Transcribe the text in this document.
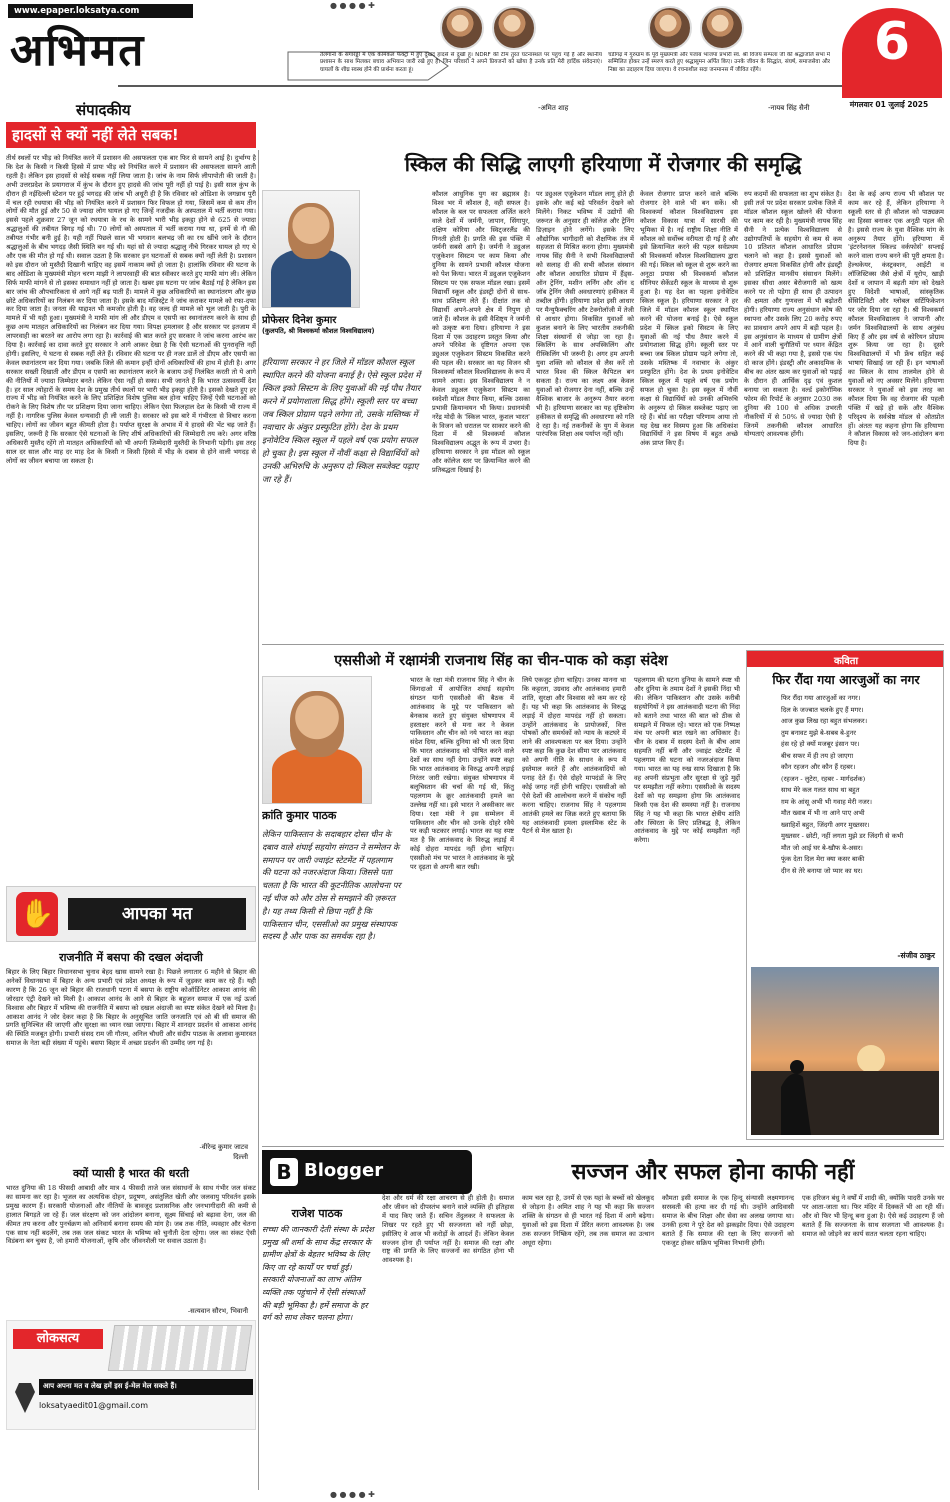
www.epaper.loksatya.com
अभिमत	तेलंगाना के संगारेड्डी में एक केमिकल फैक्ट्री में हुए दुखद हादसे से दुखी हूं। NDRF की टीम तुरंत घटनास्थल पर पहुंच गई है और स्थानीय प्रशासन के साथ मिलकर बचाव अभियान जारी रखे हुए है। जिन परिवारों ने अपने प्रियजनों को खोया है उनके प्रति मेरी हार्दिक संवेदनाएं। घायलों के शीघ्र स्वस्थ होने की प्रार्थना करता हूं।
-अमित शाह
चंडीगढ़ में गुरुग्राम के पूर्व मुख्यमंत्री और पंजाब भाजपा प्रभारी स्व. श्री विजय सम्पला जी की श्रद्धांजलि सभा में सम्मिलित होकर उन्हें स्मरण करते हुए श्रद्धासुमन अर्पित किए। उनके जीवन के सिद्धांत, संघर्ष, समाजसेवा और निष्ठा का उदाहरण दिया जाएगा। वे रचनाशील सदा जनमानस में जीवित रहेंगे।
-नायब सिंह सैनी
6
मंगलवार 01 जुलाई 2025
संपादकीय
हादसों से क्यों नहीं लेते सबक!
तीर्थ स्थलों पर भीड़ को नियंत्रित करने में प्रशासन की असफलता एक बार फिर से सामने आई है। दुर्भाग्य है कि देश के किसी न किसी हिस्से में प्रायः भीड़ को नियंत्रित करने में प्रशासन की असफलता सामने आती रहती है। लेकिन इस हादसों से कोई सबक नहीं लिया जाता है। जांच के नाम सिर्फ लीपापोती की जाती है। अभी उत्तरप्रदेश के प्रयागराज में कुंभ के दौरान हुए हादसे की जांच पूरी नहीं हो पाई है। इसी साल कुंभ के दौरान ही नईदिल्ली स्टेशन पर हुई भगदड़ की जांच भी अधूरी ही है कि रविवार को ओडिशा के जगन्नाथ पुरी में चल रही रथयात्रा की भीड़ को नियंत्रित करने में प्रशासन फिर विफल हो गया, जिसमें कम से कम तीन लोगों की मौत हुई और 50 से ज्यादा लोग घायल हो गए जिन्हें नजदीक के अस्पताल में भर्ती कराया गया। इससे पहले शुक्रवार 27 जून को रथयात्रा के रथ के सामने भारी भीड़ इकट्ठा होने से 625 से ज्यादा श्रद्धालुओं की तबीयत बिगड़ गई थी। 70 लोगों को अस्पताल में भर्ती कराया गया था, इनमें से नौ की तबीयत गंभीर बनी हुई है। यही नहीं पिछले साल भी भगवान बलभद्र जी का रथ खींचे जाने के दौरान श्रद्धालुओं के बीच भगदड़ जैसी स्थिति बन गई थी। यहां सो से ज्यादा श्रद्धालु नीचे गिरकर घायल हो गए थे और एक की मौत हो गई थी। सवाल उठता है कि सरकार इन घटनाओं से सबक क्यों नहीं लेती है। प्रशासन को इस दौरान जो मुस्तैदी दिखानी चाहिए वह इसमें नाकाम क्यों हो जाता है। हालांकि रविवार की घटना के बाद ओडिशा के मुख्यमंत्री मोहन चरण माझी ने लापरवाही की बात स्वीकार करते हुए माफी मांग ली। लेकिन सिर्फ माफी मांगने से तो इसका समाधान नहीं हो जाता है। खबर इस घटना पर जांच बैठाई गई है लेकिन इस बार जांच की औपचारिकता से आगे नहीं बढ़ पाती हैं। मामले में कुछ अधिकारियों का स्थानांतरण और कुछ छोटे अधिकारियों का निलंबन कर दिया जाता है। इसके बाद मजिस्ट्रेट ने जांच कराकर मामले को रफा-दफा कर दिया जाता है। जनता की याद्दाश्त भी कमजोर होती है। वह जल्द ही मामले को भूल जाती है। पुरी के मामले में भी यही हुआ। मुख्यमंत्री ने माफी मांग ली और डीएम व एसपी का स्थानांतरण करने के साथ ही कुछ अन्य मातहत अधिकारियों का निलंबन कर दिया गया। विपक्ष हमलावर है और सरकार पर इतजाम में लापरवाही का बरतने का आरोप लगा रहा है। कार्रवाई की बात करते हुए सरकार ने जांच करना आरंभ कर दिया है। कार्रवाई का दावा करते हुए सरकार ने आगे आकर देखा है कि ऐसी घटनाओं की पुनरावृत्ति नहीं होगी। इसलिए, ये घटना से सबक नहीं लेते हैं। रविवार की घटना पर ही नजर डालें तो डीएम और एसपी का केवल स्थानांतरण कर दिया गया। जबकि जिले की कमान इन्हीं दोनों अधिकारियों की हाथ में होती है। अगर सरकार सख्ती दिखाती और डीएम व एसपी का स्थानांतरण करने के बजाय उन्हें निलंबित करती तो ये आगे की नीतियों में ज्यादा जिम्मेदार बनते। लेकिन ऐसा नहीं हो सका। सभी जानते हैं कि भारत उत्सवधर्मी देश है। हर साल त्योहारों के समय देश के प्रमुख तीर्थ स्थलों पर भारी भीड़ इकट्ठा होती है। इसको देखते हुए हर राज्य में भीड़ को नियंत्रित करने के लिए प्रशिक्षित विशेष पुलिस बल होना चाहिए जिन्हें ऐसी घटनाओं को रोकने के लिए विशेष तौर पर प्रशिक्षण दिया जाना चाहिए। लेकिन ऐसा फिलहाल देश के किसी भी राज्य में नहीं है। नागरिक पुलिस केवल धन्यवादी ही ली जाती है। सरकार को इस बारे में गंभीरता से विचार करना चाहिए। लोगों का जीवन बहुत कीमती होता है। पर्याप्त सुरक्षा के अभाव में ये हादसे की भेंट चढ़ जाते हैं। इसलिए, जरूरी है कि सरकार ऐसे घटनाओं के लिए शीर्ष अधिकारियों की जिम्मेदारी तय करे। अगर वरिष्ठ अधिकारी मुस्तैद रहेंगे तो मातहत अधिकारियों को भी अपनी जिम्मेदारी मुस्तैदी के निभानी पड़ेगी। इस तरह साल दर साल और माह दर माह देश के किसी न किसी हिस्से में भीड़ के दबाव से होने वाली भगदड़ से लोगों का जीवन बचाया जा सकता है।
स्किल की सिद्धि लाएगी हरियाणा में रोजगार की समृद्धि
प्रोफेसर दिनेश कुमार
(कुलपति, श्री विश्वकर्मा कौशल विश्वविद्यालय)
हरियाणा सरकार ने हर जिले में मॉडल कौशल स्कूल स्थापित करने की योजना बनाई है। ऐसे स्कूल प्रदेश में स्किल इको सिस्टम के लिए युवाओं की नई पौध तैयार करने में प्रयोगशाला सिद्ध होंगे। स्कूली स्तर पर बच्चा जब स्किल प्रोग्राम पढ़ने लगेगा तो, उसके मस्तिष्क में नवाचार के अंकुर प्रस्फुटित होंगे। देश के प्रथम इनोवेटिव स्किल स्कूल में पहले वर्ष एक प्रयोग सफल हो चुका है। इस स्कूल में नौवीं कक्षा से विद्यार्थियों को उनकी अभिरुचि के अनुरूप दो स्किल सब्जेक्ट पढ़ाए जा रहे हैं।
कौशल आधुनिक युग का ब्रह्मास्त्र है। विश्व भर में कौशल है, वही सफल है। कौशल के बल पर सफलता अर्जित करने वाले देशों में जर्मनी, जापान, सिंगापुर, दक्षिण कोरिया और स्विट्जरलैंड की गिनती होती है। प्रगति की इस पंक्ति में जर्मनी सबसे आगे है। जर्मनी ने ड्युअल एजुकेशन सिस्टम पर काम किया और दुनिया के सामने प्रभावी कौशल योजना को पेश किया। भारत में ड्युअल एजुकेशन सिस्टम पर एक सफल मॉडल रखा। इसमें विद्यार्थी स्कूल और इंडस्ट्री दोनों से साथ-साथ प्रशिक्षण लेते हैं। दीक्षांत तक वो विद्यार्थी अपने-अपने क्षेत्र में निपुण हो जाते हैं। कौशल के इसी वैशिष्ट्य ने जर्मनी को उत्कृष्ट बना दिया। हरियाणा ने इस दिशा में एक उदाहरण प्रस्तुत किया और अपने परिवेश के दृष्टिगत अपना एक ड्युअल एजुकेशन सिस्टम विकसित करने की पहल की। सरकार का यह विजन श्री विश्वकर्मा कौशल विश्वविद्यालय के रूप में सामने आया। इस विश्वविद्यालय ने न केवल ड्युअल एजुकेशन सिस्टम का स्वदेशी मॉडल तैयार किया, बल्कि उसका प्रभावी क्रियान्वयन भी किया। प्रधानमंत्री नरेंद्र मोदी के 'स्किल भारत, कुशल भारत' के विजन को धरातल पर साकार करने की दिशा में श्री विश्वकर्मा कौशल विश्वविद्यालय अद्भुत के रूप में उभरा है। हरियाणा सरकार ने इस मॉडल को स्कूल और कॉलेज स्तर पर क्रियान्वित करने की प्रतिबद्धता दिखाई है।
पर ड्युअल एजुकेशन मॉडल लागू होते ही इसके और कई बड़े परिवर्तन देखने को मिलेंगे। निकट भविष्य में उद्योगों की जरूरत के अनुसार ही कॉलेज और ट्रेनिंग डिज़ाइन होने लगेंगे। इसके लिए औद्योगिक भागीदारी को शैक्षणिक तंत्र में सहजता से मिश्रित करना होगा। मुख्यमंत्री नायब सिंह सैनी ने सभी विश्वविद्यालयों को सलाह दी की सभी कौशल संस्थान और कौशल आधारित प्रोग्राम में हैंड्स-ऑन ट्रेनिंग, मशीन लर्निंग और ऑन द जॉब ट्रेनिंग जैसी अवधारणाएं हकीकत में तब्दील होंगी। हरियाणा प्रदेश इसी आधार पर मैन्युफैक्चरिंग और टेक्नोलॉजी में तेजी से आधार होगा। विकसित युवाओं को कुशल बनाने के लिए भारतीय तकनीकी शिक्षा संस्थानों से जोड़ा जा रहा है। स्किलिंग के साथ अपस्किलिंग और रीस्किलिंग भी जरूरी है। अगर हम अपनी युवा शक्ति को कौशल से लैस करें तो भारत विश्व की स्किल कैपिटल बन सकता है। राज्य का लक्ष्य अब केवल युवाओं को रोजगार देना नहीं, बल्कि उन्हें वैश्विक बाजार के अनुरूप तैयार करना भी है। हरियाणा सरकार का यह दृष्टिकोण हकीकत से समृद्धि की अवधारणा को गति दे रहा है। नई तकनीकों के युग में केवल पारंपरिक शिक्षा अब पर्याप्त नहीं रही।
केवल रोजगार प्राप्त करने वाले बल्कि रोजगार देने वाले भी बन सकें। श्री विश्वकर्मा कौशल विश्वविद्यालय इस कौशल विकास यात्रा में सारथी की भूमिका में है। नई राष्ट्रीय शिक्षा नीति में कौशल को सर्वोच्च वरीयता दी गई है और इसे क्रियान्वित करने की पहल सर्वप्रथम श्री विश्वकर्मा कौशल विश्वविद्यालय द्वारा की गई। स्किल को स्कूल से शुरू करने का अनूठा प्रयास श्री विश्वकर्मा कौशल सीनियर सेकेंडरी स्कूल के माध्यम से शुरू हुआ है। यह देश का पहला इनोवेटिव स्किल स्कूल है। हरियाणा सरकार ने हर जिले में मॉडल कौशल स्कूल स्थापित करने की योजना बनाई है। ऐसे स्कूल प्रदेश में स्किल इको सिस्टम के लिए युवाओं की नई पौध तैयार करने में प्रयोगशाला सिद्ध होंगे। स्कूली स्तर पर बच्चा जब स्किल प्रोग्राम पढ़ने लगेगा तो, उसके मस्तिष्क में नवाचार के अंकुर प्रस्फुटित होंगे। देश के प्रथम इनोवेटिव स्किल स्कूल में पहले वर्ष एक प्रयोग सफल हो चुका है। इस स्कूल में नौवीं कक्षा से विद्यार्थियों को उनकी अभिरुचि के अनुरूप दो स्किल सब्जेक्ट पढ़ाए जा रहे हैं। बोर्ड का परीक्षा परिणाम आया तो यह देख कर विस्मय हुआ कि अधिकांश विद्यार्थियों ने इस विषय में बहुत अच्छे अंक प्राप्त किए हैं।
रुप कदमों की सफलता का शुभ संकेत है। इसी तर्ज पर प्रदेश सरकार प्रत्येक जिले में मॉडल कौशल स्कूल खोलने की योजना पर काम कर रही है। मुख्यमंत्री नायब सिंह सैनी ने प्रत्येक विश्वविद्यालय से उद्योगपतियों के सहयोग से कम से कम 10 प्रतिशत कौशल आधारित प्रोग्राम चलाने को कहा है। इससे युवाओं को रोजगार क्षमता विकसित होगी और इंडस्ट्री को प्रशिक्षित मानवीय संसाधन मिलेंगे। इसका सीधा असर बेरोजगारी को खत्म करने पर तो पड़ेगा ही साथ ही उत्पादन की क्षमता और गुणवत्ता में भी बढ़ोतरी होगी। हरियाणा राज्य अनुसंधान कोष की स्थापना और उसके लिए 20 करोड़ रुपए का प्रावधान अपने आप में बड़ी पहल है। इस अनुसंधान के माध्यम से ग्रामीण क्षेत्रों में आने वाली चुनौतियों पर ध्यान केंद्रित करने की भी कहा गया है, इससे एक पंथ दो काज होंगे। इंडस्ट्री और अकादमिक के बीच का अंतर खत्म कर युवाओं को पढ़ाई के दौरान ही आर्थिक दृढ़ एवं कुशल बनाया जा सकता है। वर्ल्ड इकोनॉमिक फोरम की रिपोर्ट के अनुसार 2030 तक दुनिया की 100 से अधिक उभरती नौकरियों में से 50% से ज्यादा ऐसी है जिनमें तकनीकी कौशल आधारित योग्यताएं आवश्यक होंगी।
देश के कई अन्य राज्य भी कौशल पर काम कर रहे हैं, लेकिन हरियाणा ने स्कूली स्तर से ही कौशल को पाठ्यक्रम का हिस्सा बनाकर एक अनूठी पहल की है। इससे राज्य के युवा वैश्विक मांग के अनुरूप तैयार होंगे। हरियाणा में 'इंटरनेशनल स्किल्ड वर्कफोर्स' सप्लाई करने वाला राज्य बनने की पूरी क्षमता है। हेल्थकेयर, कंस्ट्रक्शन, आईटी व लॉजिस्टिक्स जैसे क्षेत्रों में यूरोप, खाड़ी देशों व जापान में बढ़ती मांग को देखते हुए विदेशी भाषाओं, सांस्कृतिक सेंसिटिविटी और ग्लोबल सर्टिफिकेशन पर जोर दिया जा रहा है। श्री विश्वकर्मा कौशल विश्वविद्यालय ने जापानी और जर्मन विश्वविद्यालयों के साथ अनुबंध किए हैं और इस वर्ष से कोरियन प्रोग्राम शुरू किया जा रहा है। दूसरे विश्वविद्यालयों में भी फ्रेंच सहित कई भाषाएं सिखाई जा रही हैं। इन भाषाओं का स्किल के साथ तालमेल होने से युवाओं को नए अवसर मिलेंगे। हरियाणा सरकार ने युवाओं को इस तरह का कौशल दिया कि वह रोजगार की पहली पंक्ति में खड़े हो सकें और वैश्विक परिदृश्य के सर्वश्रेष्ठ मॉडल से ओतप्रोत हों। अंततः यह कहना होगा कि हरियाणा ने कौशल विकास को जन-आंदोलन बना दिया है।
एससीओ में रक्षामंत्री राजनाथ सिंह का चीन-पाक को कड़ा संदेश
क्रांति कुमार पाठक
लेकिन पाकिस्तान के सदाबहार दोस्त चीन के दबाव वाले शंघाई सहयोग संगठन ने सम्मेलन के समापन पर जारी ज्वाइंट स्टेटमेंट में पहलगाम की घटना को नजरअंदाज किया। जिससे पता चलता है कि भारत की कूटनीतिक आलोचना पर नई चीज को और ठोस से समझाने की ज़रूरत है। यह तथ्य किसी से छिपा नहीं है कि पाकिस्तान चीन, एससीओ का प्रमुख संस्थापक सदस्य है और पाक का समर्थक रहा है।
भारत के रक्षा मंत्री राजनाथ सिंह ने चीन के किंगदाओ में आयोजित शंघाई सहयोग संगठन यानी एससीओ की बैठक में आतंकवाद के मुद्दे पर पाकिस्तान को बेनकाब करते हुए संयुक्त घोषणापत्र में हस्ताक्षर करने से मना कर ने केवल पाकिस्तान और चीन को नये भारत का कड़ा संदेश दिया, बल्कि दुनिया को भी जता दिया कि भारत आतंकवाद को पोषित करने वाले देशों का साथ नहीं देगा। उन्होंने स्पष्ट कहा कि भारत आतंकवाद के विरुद्ध अपनी लड़ाई निरंतर जारी रखेगा। संयुक्त घोषणापत्र में बलूचिस्तान की चर्चा की गई थी, किंतु पहलगाम के क्रूर आतंकवादी हमले का उल्लेख नहीं था। इसे भारत ने अस्वीकार कर दिया। रक्षा मंत्री ने इस सम्मेलन में पाकिस्तान और चीन को उनके दोहरे रवैये पर कड़ी फटकार लगाई। भारत का यह स्पष्ट मत है कि आतंकवाद के विरुद्ध लड़ाई में कोई दोहरा मापदंड नहीं होना चाहिए। एससीओ मंच पर भारत ने आतंकवाद के मुद्दे पर दृढ़ता से अपनी बात रखी।
लिये एकजुट होना चाहिए। उनका मानना था कि कट्टरता, उग्रवाद और आतंकवाद हमारी शांति, सुरक्षा और विश्वास को कम कर रहे हैं। यह भी कहा कि आतंकवाद के विरुद्ध लड़ाई में दोहरा मापदंड नहीं हो सकता। उन्होंने आतंकवाद के प्रायोजकों, वित्त पोषकों और समर्थकों को न्याय के कटघरे में लाने की आवश्यकता पर बल दिया। उन्होंने स्पष्ट कहा कि कुछ देश सीमा पार आतंकवाद को अपनी नीति के साधन के रूप में इस्तेमाल करते हैं और आतंकवादियों को पनाह देते हैं। ऐसे दोहरे मापदंडों के लिए कोई जगह नहीं होनी चाहिए। एससीओ को ऐसे देशों की आलोचना करने में संकोच नहीं करना चाहिए। राजनाथ सिंह ने पहलगाम आतंकी हमले का जिक्र करते हुए बताया कि यह आतंकवादी हमला इस्लामिक स्टेट के पैटर्न से मेल खाता है।
पहलगाम की घटना दुनिया के सामने स्पष्ट थी और दुनिया के तमाम देशों ने इसकी निंदा भी की। लेकिन पाकिस्तान और उसके करीबी सहयोगियों ने इस आतंकवादी घटना की निंदा को बताने तथा भारत की बात को ठीक से समझने में विफल रहे। भारत को एक निष्पक्ष मंच पर अपनी बात रखने का अधिकार है। चीन के दबाव में सदस्य देशों के बीच आम सहमति नहीं बनी और ज्वाइंट स्टेटमेंट में पहलगाम की घटना को नजरअंदाज किया गया। भारत का यह रुख साफ दिखाता है कि वह अपनी संप्रभुता और सुरक्षा से जुड़े मुद्दों पर समझौता नहीं करेगा। एससीओ के सदस्य देशों को यह समझना होगा कि आतंकवाद किसी एक देश की समस्या नहीं है। राजनाथ सिंह ने यह भी कहा कि भारत क्षेत्रीय शांति और स्थिरता के लिए प्रतिबद्ध है, लेकिन आतंकवाद के मुद्दे पर कोई समझौता नहीं करेगा।
कविता
फिर रौंदा गया आरजुओं का नगर
फिर रौंदा गया आरजुओं का नगर।
दिल के जज्बात चलके हुए हैं मगर।
आज कुछ लिख रहा बहुत संभलकर।
तुम बनावट मुझे बे-सबब बे-हुनर
हंस रहे हो क्यों मजबूर इंसान पर।
बीच सफर में ही तय हो जाएगा
कौन रहजन और कौन हैं रहबर।
(रहजन - लुटेरा, रहबर - मार्गदर्शक)
साथ मेरे कल गलत साथ था बहुत
ग़म के आंसू अभी भी गवाह मेरी नजर।
मौत ख्वाब में भी ना आने पाए अभी
ख्वाहिशें बहुत, जिंदगी अगर मुख्तसर।
मुख्तसर - छोटी, नहीं लगता मुझे डर जिंदगी से कभी
मौत जो आई घर बे-खौफ बे-असर।
फूंक देता दिल मेरा क्या कसर बाकी
दीन से तेरे बनाया जो प्यार का घर।
-संजीव ठाकुर
✋	आपका मत
राजनीति में बसपा की दखल अंदाजी
बिहार के लिए बिहार विधानसभा चुनाव बेहद खास सामने रखा है। पिछले लगातार 6 महीने से बिहार की अनेकों विधानसभा में बिहार के अन्य प्रभारी एवं प्रदेश अध्यक्ष के रूप में जुड़कर काम कर रहे हैं। यही कारण है कि 26 जून को बिहार की राजधानी पटना में बसपा के राष्ट्रीय कोऑर्डिनेटर आकाश आनंद की जोरदार एंट्री देखने को मिली है। आकाश आनंद के आने से बिहार के बहुजन समाज में एक नई ऊर्जा विश्वास और बिहार में भविष्य की राजनीति में बसपा को दखल अंदाजी का स्पष्ट संकेत देखने को मिला है। आकाश आनंद ने जोर देकर कहा है कि बिहार के अनुसूचित जाति जनजाति एवं ओ बी सी समाज की प्रगति सुनिश्चित की जाएगी और सुरक्षा का ध्यान रखा जाएगा। बिहार में शानदार प्रदर्शन से आकाश आनंद की स्थिति मजबूत होगी। प्रभारी संसद राम जी गौतम, अनिल चौधरी और संदीप पाठक के अलावा कुमारवत समाज के नेता बड़ी संख्या में पहुंचे। बसपा बिहार में अच्छा प्रदर्शन की उम्मीद जग गई है।
-वीरेन्द्र कुमार जाटव
दिल्ली
क्यों प्यासी है भारत की धरती
भारत दुनिया की 18 फीसदी आबादी और मात्र 4 फीसदी ताजे जल संसाधनों के साथ गंभीर जल संकट का सामना कर रहा है। भूजल का अत्यधिक दोहन, प्रदूषण, असंतुलित खेती और जलवायु परिवर्तन इसके प्रमुख कारण हैं। सरकारी योजनाओं और नीतियों के बावजूद प्रशासनिक और जनभागीदारी की कमी से हालात बिगड़ते जा रहे हैं। जल संरक्षण को जन आंदोलन बनाना, सूक्ष्म सिंचाई को बढ़ावा देना, जल की कीमत तय करना और पुनर्चक्रण को अनिवार्य बनाना समय की मांग है। जब तक नीति, व्यवहार और चेतना एक साथ नहीं बदलेंगे, तब तक जल संकट भारत के भविष्य को चुनौती देता रहेगा। जल का संकट ऐसी विडंबना बन चुका है, जो हमारी योजनाओं, कृषि और जीवनशैली पर सवाल उठाता है।
-सत्यवान सौरभ, भिवानी
लोकसत्य
आप अपना मत व लेख हमें इस ई-मेल मेल सकते हैं।
loksatyaedit01@gmail.com
B Blogger	सज्जन और सफल होना काफी नहीं
राजेश पाठक
सच्चा की जानकारी देती संस्था के प्रदेश प्रमुख श्री शर्मा के साथ केंद्र सरकार के ग्रामीण क्षेत्रों के बेहतर भविष्य के लिए किए जा रहे कार्यों पर चर्चा हुई। सरकारी योजनाओं का लाभ अंतिम व्यक्ति तक पहुंचाने में ऐसी संस्थाओं की बड़ी भूमिका है। हमें समाज के हर वर्ग को साथ लेकर चलना होगा।
देश और धर्म की रक्षा आचरण से ही होती है। समाज और जीवन को दीपस्तंभ बनाने वाले व्यक्ति ही इतिहास में याद किए जाते हैं। सचिन तेंदुलकर ने सफलता के शिखर पर रहते हुए भी सज्जनता को नहीं छोड़ा, इसीलिए वे आज भी करोड़ों के आदर्श हैं। लेकिन केवल सज्जन होना ही पर्याप्त नहीं है। समाज की रक्षा और राष्ट्र की प्रगति के लिए सज्जनों का संगठित होना भी आवश्यक है।
काम चल रहा है, उनमें से एक यहां के बच्चों को खेलकूद से जोड़ना है। अमित शाह ने यह भी कहा कि सज्जन शक्ति के संगठन से ही भारत नई दिशा में आगे बढ़ेगा। युवाओं को इस दिशा में प्रेरित करना आवश्यक है। जब तक सज्जन निष्क्रिय रहेंगे, तब तक समाज का उत्थान अधूरा रहेगा।
कौमता इसी समाज के एक हिन्दू संन्यासी लक्ष्मणानन्द सरस्वती की हत्या कर दी गई थी। उन्होंने आदिवासी समाज के बीच शिक्षा और सेवा का अलख जगाया था। उनकी हत्या ने पूरे देश को झकझोर दिया। ऐसे उदाहरण बताते हैं कि समाज की रक्षा के लिए सज्जनों को एकजुट होकर सक्रिय भूमिका निभानी होगी।
एक हरिजन बंधु ने वर्षों में शादी की, क्योंकि पादरी उनके घर पर आता-जाता था। फिर मंदिर में दिक्कतें भी आ रही थीं। और वो फिर भी हिन्दू बना हुआ है। ऐसे कई उदाहरण हैं जो बताते हैं कि सज्जनता के साथ सजगता भी आवश्यक है। समाज को जोड़ने का कार्य सतत चलता रहना चाहिए।
● ● ● ● ✚
● ● ● ● ✚
